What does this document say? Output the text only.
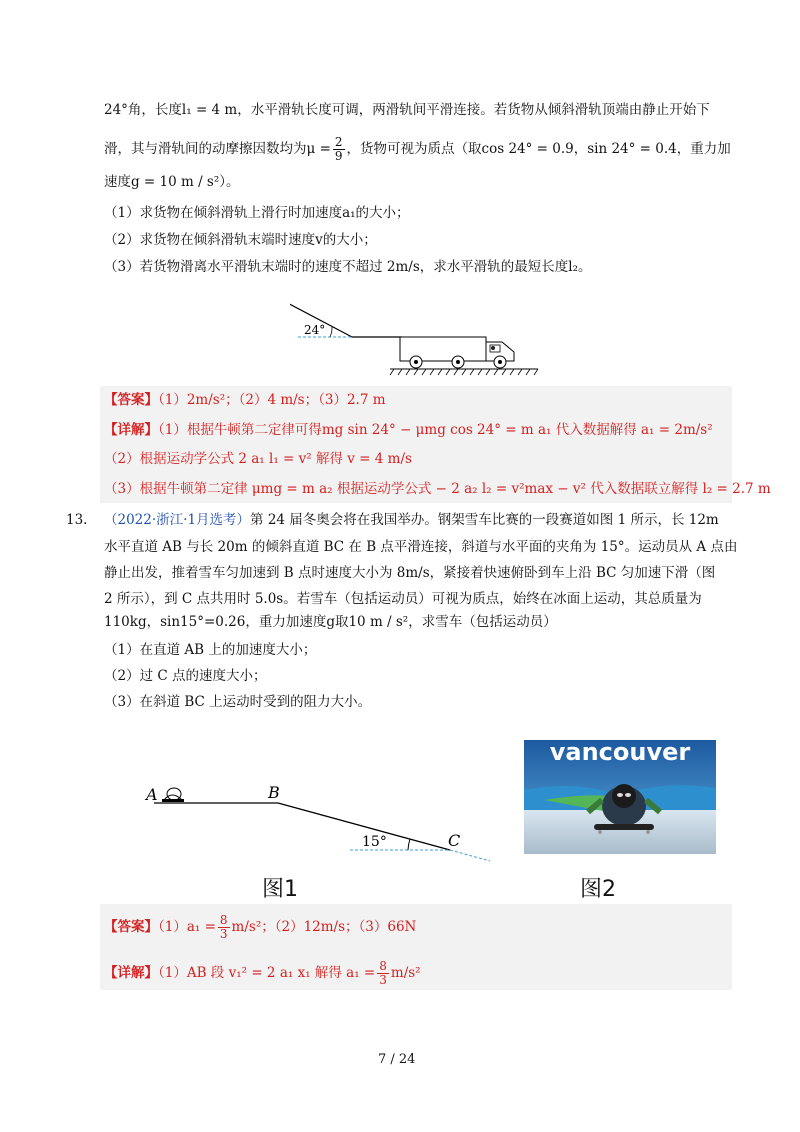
24°角，长度l₁ = 4 m，水平滑轨长度可调，两滑轨间平滑连接。若货物从倾斜滑轨顶端由静止开始下
滑，其与滑轨间的动摩擦因数均为$\mu = \frac{2}{9}$ ，货物可视为质点（取cos 24° = 0.9，sin 24° = 0.4，重力加
速度g = 10 m / s²）。
（1）求货物在倾斜滑轨上滑行时加速度a₁的大小；
（2）求货物在倾斜滑轨末端时速度v的大小；
（3）若货物滑离水平滑轨末端时的速度不超过 2m/s，求水平滑轨的最短长度l₂。
24°
【答案】（1）2m/s²；（2）4 m/s；（3）2.7 m
【详解】（1）根据牛顿第二定律可得mg sin 24° − μmg cos 24° = m a₁ 代入数据解得 a₁ = 2m/s²
（2）根据运动学公式 2 a₁ l₁ = v² 解得 v = 4 m/s
（3）根据牛顿第二定律 μmg = m a₂ 根据运动学公式 − 2 a₂ l₂ = v²max − v² 代入数据联立解得 l₂ = 2.7 m
13. （2022·浙江·1月选考）第 24 届冬奥会将在我国举办。钢架雪车比赛的一段赛道如图 1 所示，长 12m
水平直道 AB 与长 20m 的倾斜直道 BC 在 B 点平滑连接，斜道与水平面的夹角为 15°。运动员从 A 点由
静止出发，推着雪车匀加速到 B 点时速度大小为 8m/s，紧接着快速俯卧到车上沿 BC 匀加速下滑（图
2 所示），到 C 点共用时 5.0s。若雪车（包括运动员）可视为质点，始终在冰面上运动，其总质量为
110kg，sin15°=0.26，重力加速度g取10 m / s²，求雪车（包括运动员）
（1）在直道 AB 上的加速度大小；
（2）过 C 点的速度大小；
（3）在斜道 BC 上运动时受到的阻力大小。
A	B
15°	C
图1
vancouver
图2
【答案】$(1)a_1 = \frac{8}{3} m/s^2$；（2）12m/s；（3）66N
【详解】（1）AB 段 v₁² = 2 a₁ x₁ 解得 $a_1 = \frac{8}{3} m/s^2$
7 / 24
